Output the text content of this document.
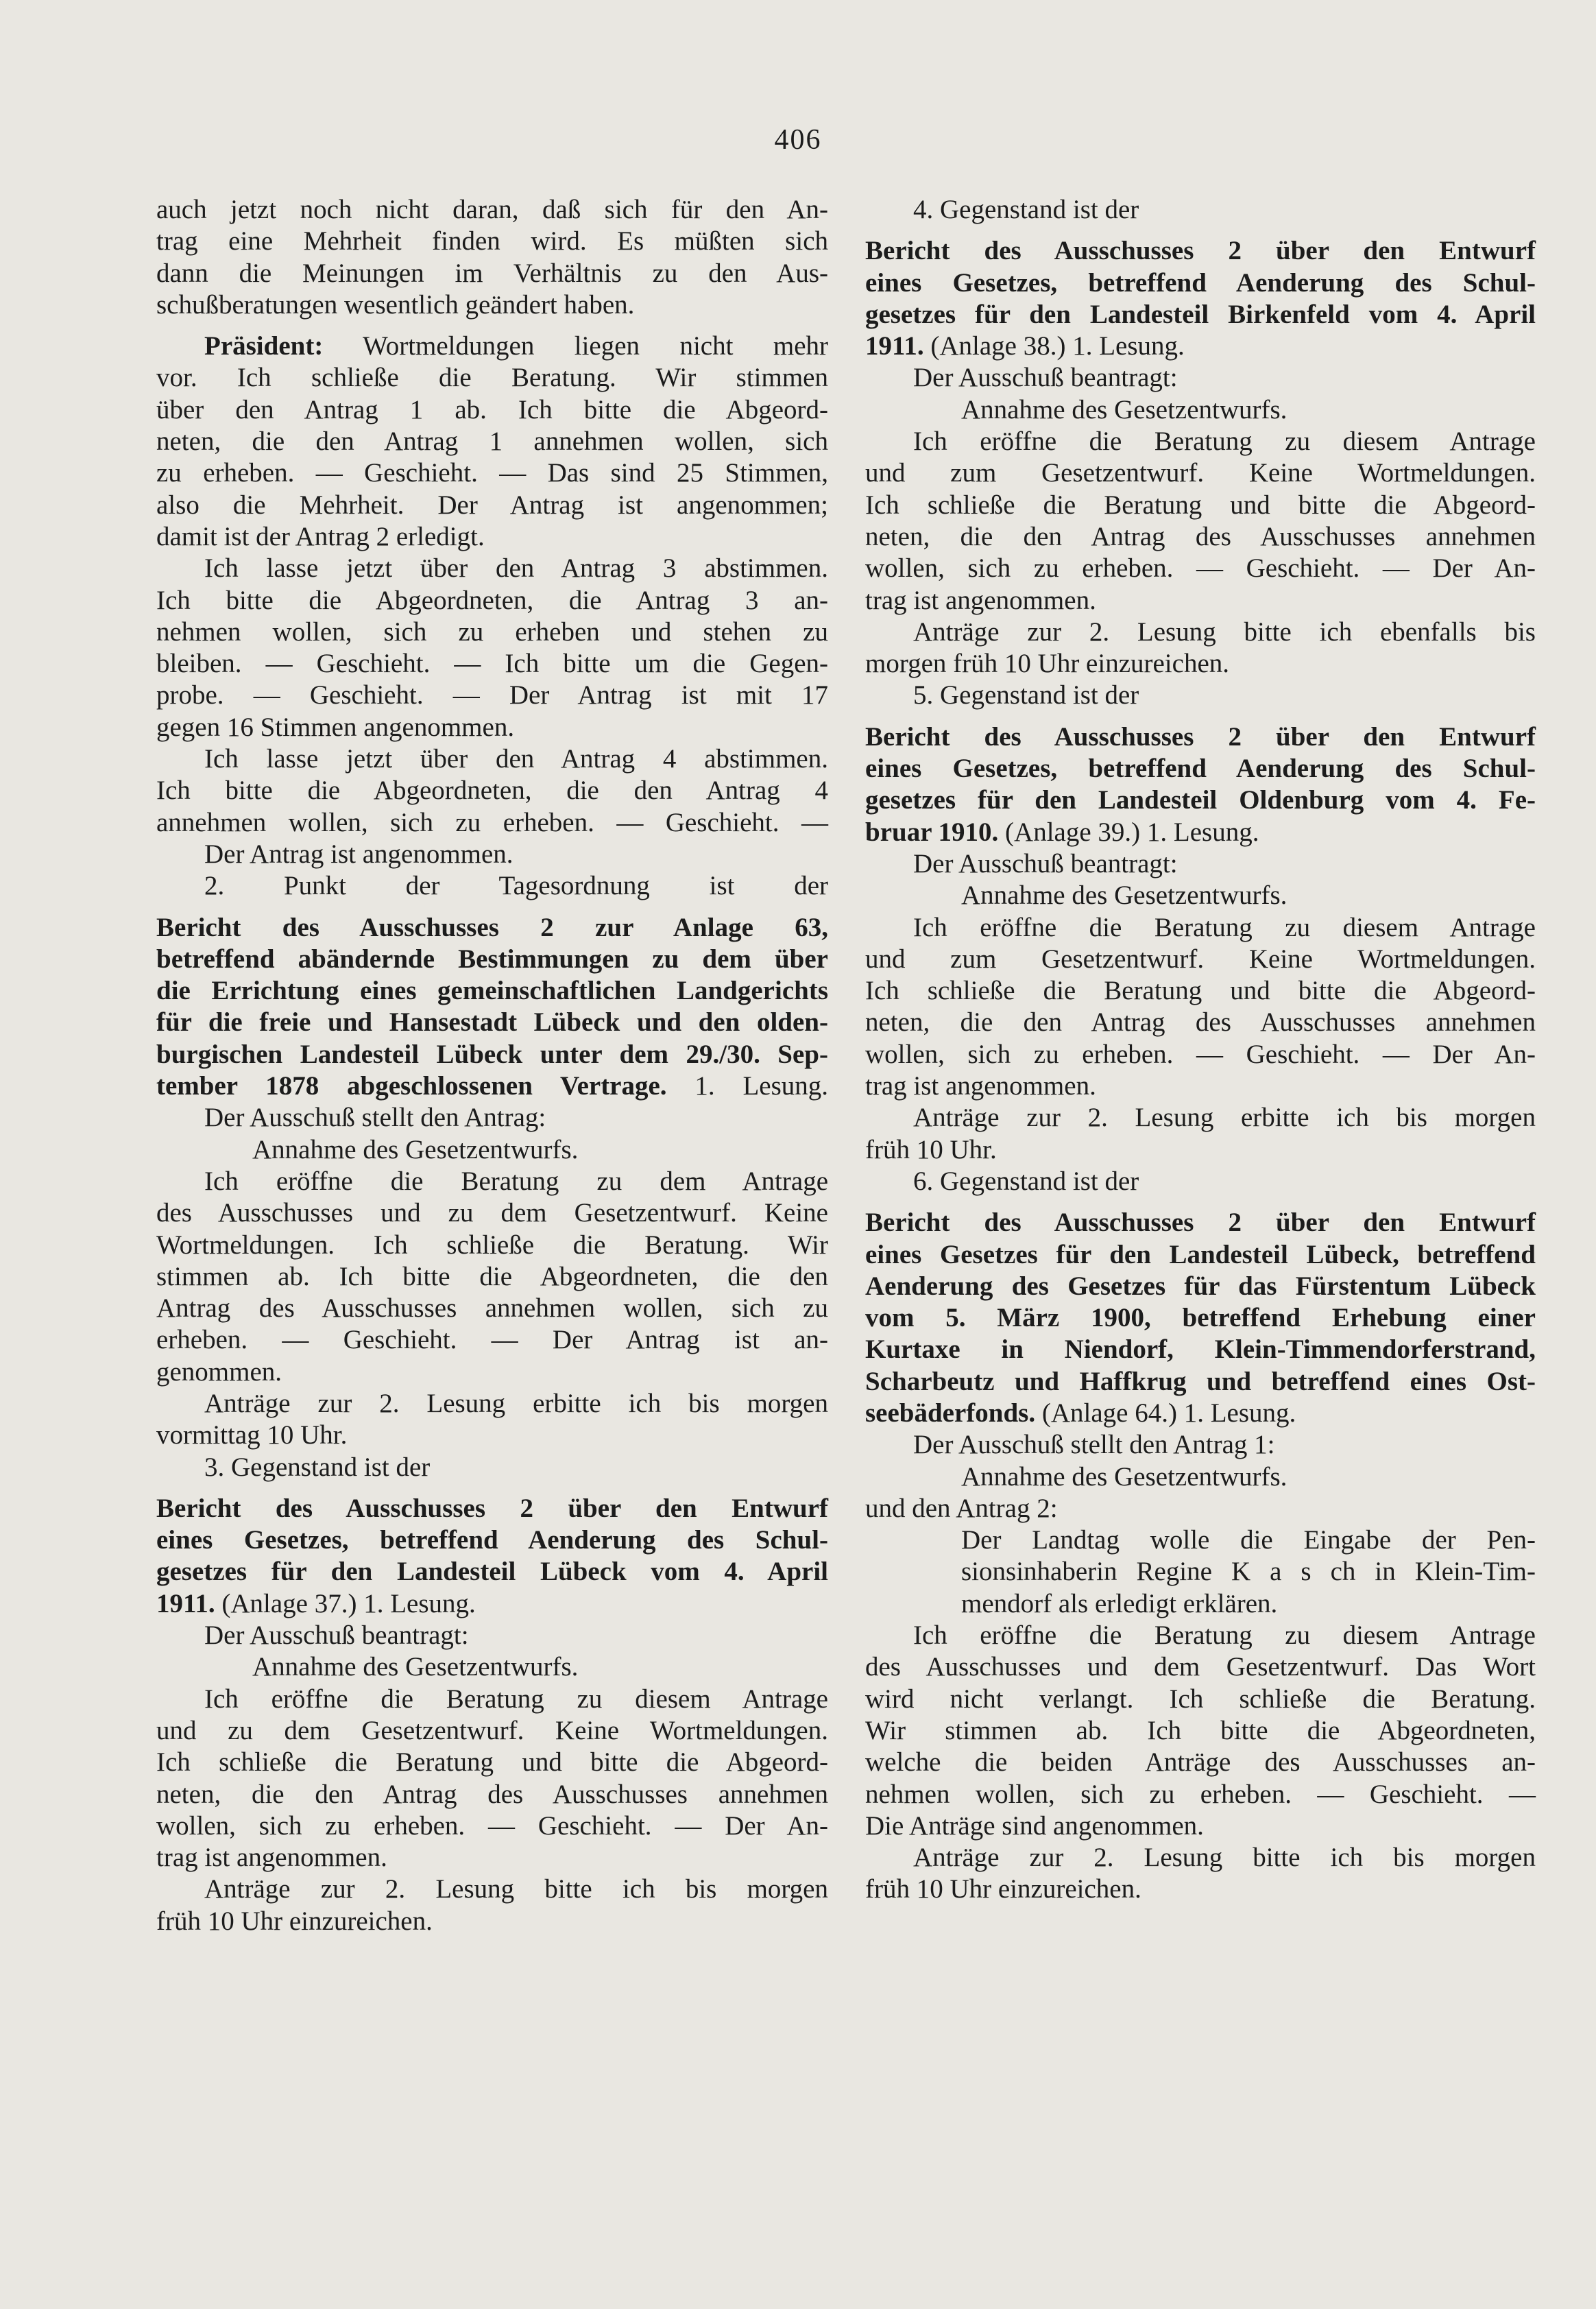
406

auch jetzt noch nicht daran, daß sich für den An-

trag eine Mehrheit finden wird. Es müßten sich

dann die Meinungen im Verhältnis zu den Aus-

schußberatungen wesentlich geändert haben.

Präsident: Wortmeldungen liegen nicht mehr

vor. Ich schließe die Beratung. Wir stimmen

über den Antrag 1 ab. Ich bitte die Abgeord-

neten, die den Antrag 1 annehmen wollen, sich

zu erheben. — Geschieht. — Das sind 25 Stimmen,

also die Mehrheit. Der Antrag ist angenommen;

damit ist der Antrag 2 erledigt.

Ich lasse jetzt über den Antrag 3 abstimmen.

Ich bitte die Abgeordneten, die Antrag 3 an-

nehmen wollen, sich zu erheben und stehen zu

bleiben. — Geschieht. — Ich bitte um die Gegen-

probe. — Geschieht. — Der Antrag ist mit 17

gegen 16 Stimmen angenommen.

Ich lasse jetzt über den Antrag 4 abstimmen.

Ich bitte die Abgeordneten, die den Antrag 4

annehmen wollen, sich zu erheben. — Geschieht. —

Der Antrag ist angenommen.

2. Punkt der Tagesordnung ist der

Bericht des Ausschusses 2 zur Anlage 63,

betreffend abändernde Bestimmungen zu dem über

die Errichtung eines gemeinschaftlichen Landgerichts

für die freie und Hansestadt Lübeck und den olden-

burgischen Landesteil Lübeck unter dem 29./30. Sep-

tember 1878 abgeschlossenen Vertrage. 1. Lesung.

Der Ausschuß stellt den Antrag:

Annahme des Gesetzentwurfs.

Ich eröffne die Beratung zu dem Antrage

des Ausschusses und zu dem Gesetzentwurf. Keine

Wortmeldungen. Ich schließe die Beratung. Wir

stimmen ab. Ich bitte die Abgeordneten, die den

Antrag des Ausschusses annehmen wollen, sich zu

erheben. — Geschieht. — Der Antrag ist an-

genommen.

Anträge zur 2. Lesung erbitte ich bis morgen

vormittag 10 Uhr.

3. Gegenstand ist der

Bericht des Ausschusses 2 über den Entwurf

eines Gesetzes, betreffend Aenderung des Schul-

gesetzes für den Landesteil Lübeck vom 4. April

1911. (Anlage 37.) 1. Lesung.

Der Ausschuß beantragt:

Annahme des Gesetzentwurfs.

Ich eröffne die Beratung zu diesem Antrage

und zu dem Gesetzentwurf. Keine Wortmeldungen.

Ich schließe die Beratung und bitte die Abgeord-

neten, die den Antrag des Ausschusses annehmen

wollen, sich zu erheben. — Geschieht. — Der An-

trag ist angenommen.

Anträge zur 2. Lesung bitte ich bis morgen

früh 10 Uhr einzureichen.

4. Gegenstand ist der

Bericht des Ausschusses 2 über den Entwurf

eines Gesetzes, betreffend Aenderung des Schul-

gesetzes für den Landesteil Birkenfeld vom 4. April

1911. (Anlage 38.) 1. Lesung.

Der Ausschuß beantragt:

Annahme des Gesetzentwurfs.

Ich eröffne die Beratung zu diesem Antrage

und zum Gesetzentwurf. Keine Wortmeldungen.

Ich schließe die Beratung und bitte die Abgeord-

neten, die den Antrag des Ausschusses annehmen

wollen, sich zu erheben. — Geschieht. — Der An-

trag ist angenommen.

Anträge zur 2. Lesung bitte ich ebenfalls bis

morgen früh 10 Uhr einzureichen.

5. Gegenstand ist der

Bericht des Ausschusses 2 über den Entwurf

eines Gesetzes, betreffend Aenderung des Schul-

gesetzes für den Landesteil Oldenburg vom 4. Fe-

bruar 1910. (Anlage 39.) 1. Lesung.

Der Ausschuß beantragt:

Annahme des Gesetzentwurfs.

Ich eröffne die Beratung zu diesem Antrage

und zum Gesetzentwurf. Keine Wortmeldungen.

Ich schließe die Beratung und bitte die Abgeord-

neten, die den Antrag des Ausschusses annehmen

wollen, sich zu erheben. — Geschieht. — Der An-

trag ist angenommen.

Anträge zur 2. Lesung erbitte ich bis morgen

früh 10 Uhr.

6. Gegenstand ist der

Bericht des Ausschusses 2 über den Entwurf

eines Gesetzes für den Landesteil Lübeck, betreffend

Aenderung des Gesetzes für das Fürstentum Lübeck

vom 5. März 1900, betreffend Erhebung einer

Kurtaxe in Niendorf, Klein-Timmendorferstrand,

Scharbeutz und Haffkrug und betreffend eines Ost-

seebäderfonds. (Anlage 64.) 1. Lesung.

Der Ausschuß stellt den Antrag 1:

Annahme des Gesetzentwurfs.

und den Antrag 2:

Der Landtag wolle die Eingabe der Pen-

sionsinhaberin Regine K a s ch in Klein-Tim-

mendorf als erledigt erklären.

Ich eröffne die Beratung zu diesem Antrage

des Ausschusses und dem Gesetzentwurf. Das Wort

wird nicht verlangt. Ich schließe die Beratung.

Wir stimmen ab. Ich bitte die Abgeordneten,

welche die beiden Anträge des Ausschusses an-

nehmen wollen, sich zu erheben. — Geschieht. —

Die Anträge sind angenommen.

Anträge zur 2. Lesung bitte ich bis morgen

früh 10 Uhr einzureichen.
